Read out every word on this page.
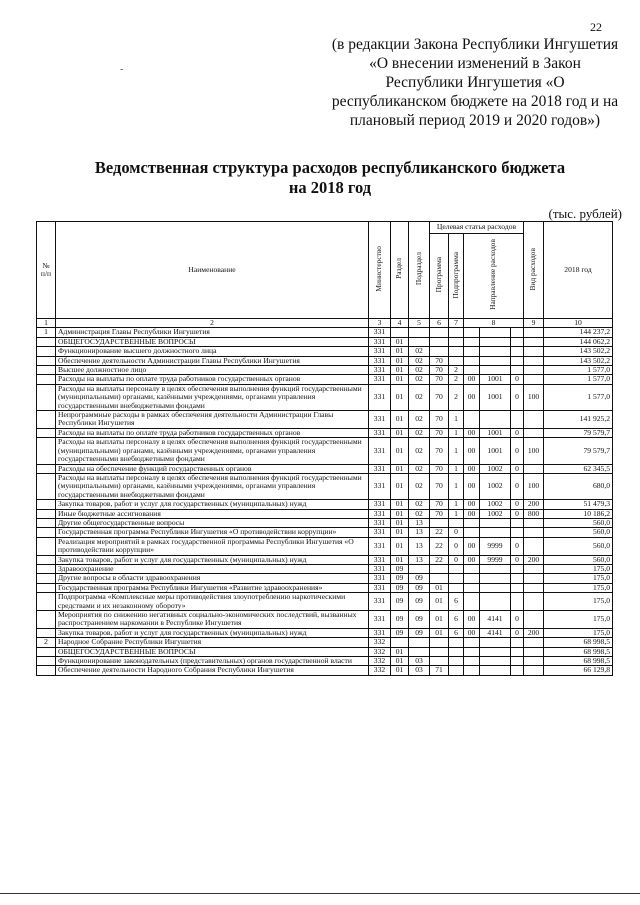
22
-
(в редакции Закона Республики Ингушетия «О внесении изменений в Закон Республики Ингушетия «О республиканском бюджете на 2018 год и на плановый период 2019 и 2020 годов»)
Ведомственная структура расходов республиканского бюджета
на 2018 год
(тыс. рублей)
№ п/п	Наименование	Министерство	Раздел	Подраздел	Целевая статья расходов					Вид расходов	2018 год
					Программа	Подпрограмма	Направление расходов				
1	2	3	4	5	6	7	8			9	10
1	Администрация Главы Республики Ингушетия	331									144 237,2
	ОБЩЕГОСУДАРСТВЕННЫЕ ВОПРОСЫ	331	01								144 062,2
	Функционирование высшего должностного лица	331	01	02							143 502,2
	Обеспечение деятельности Администрации Главы Республики Ингушетия	331	01	02	70						143 502,2
	Высшее должностное лицо	331	01	02	70	2					1 577,0
	Расходы на выплаты по оплате труда работников государственных органов	331	01	02	70	2	00	1001	0		1 577,0
	Расходы на выплаты персоналу в целях обеспечения выполнения функций государственными (муниципальными) органами, казёнными учреждениями, органами управления государственными внебюджетными фондами	331	01	02	70	2	00	1001	0	100	1 577,0
	Непрограммные расходы в рамках обеспечения деятельности Администрации Главы Республики Ингушетия	331	01	02	70	1					141 925,2
	Расходы на выплаты по оплате труда работников государственных органов	331	01	02	70	1	00	1001	0		79 579,7
	Расходы на выплаты персоналу в целях обеспечения выполнения функций государственными (муниципальными) органами, казёнными учреждениями, органами управления государственными внебюджетными фондами	331	01	02	70	1	00	1001	0	100	79 579,7
	Расходы на обеспечение функций государственных органов	331	01	02	70	1	00	1002	0		62 345,5
	Расходы на выплаты персоналу в целях обеспечения выполнения функций государственными (муниципальными) органами, казёнными учреждениями, органами управления государственными внебюджетными фондами	331	01	02	70	1	00	1002	0	100	680,0
	Закупка товаров, работ и услуг для государственных (муниципальных) нужд	331	01	02	70	1	00	1002	0	200	51 479,3
	Иные бюджетные ассигнования	331	01	02	70	1	00	1002	0	800	10 186,2
	Другие общегосударственные вопросы	331	01	13							560,0
	Государственная программа Республики Ингушетия «О противодействии коррупции»	331	01	13	22	0					560,0
	Реализация мероприятий в рамках государственной программы Республики Ингушетия «О противодействии коррупции»	331	01	13	22	0	00	9999	0		560,0
	Закупка товаров, работ и услуг для государственных (муниципальных) нужд	331	01	13	22	0	00	9999	0	200	560,0
	Здравоохранение	331	09								175,0
	Другие вопросы в области здравоохранения	331	09	09							175,0
	Государственная программа Республики Ингушетия «Развитие здравоохранения»	331	09	09	01						175,0
	Подпрограмма «Комплексные меры противодействия злоупотреблению наркотическими средствами и их незаконному обороту»	331	09	09	01	6					175,0
	Мероприятия по снижению негативных социально-экономических последствий, вызванных распространением наркомании в Республике Ингушетия	331	09	09	01	6	00	4141	0		175,0
	Закупка товаров, работ и услуг для государственных (муниципальных) нужд	331	09	09	01	6	00	4141	0	200	175,0
2	Народное Собрание Республики Ингушетия	332									68 998,5
	ОБЩЕГОСУДАРСТВЕННЫЕ ВОПРОСЫ	332	01								68 998,5
	Функционирование законодательных (представительных) органов государственной власти	332	01	03							68 998,5
	Обеспечение деятельности Народного Собрания Республики Ингушетия	332	01	03	71						66 129,8
